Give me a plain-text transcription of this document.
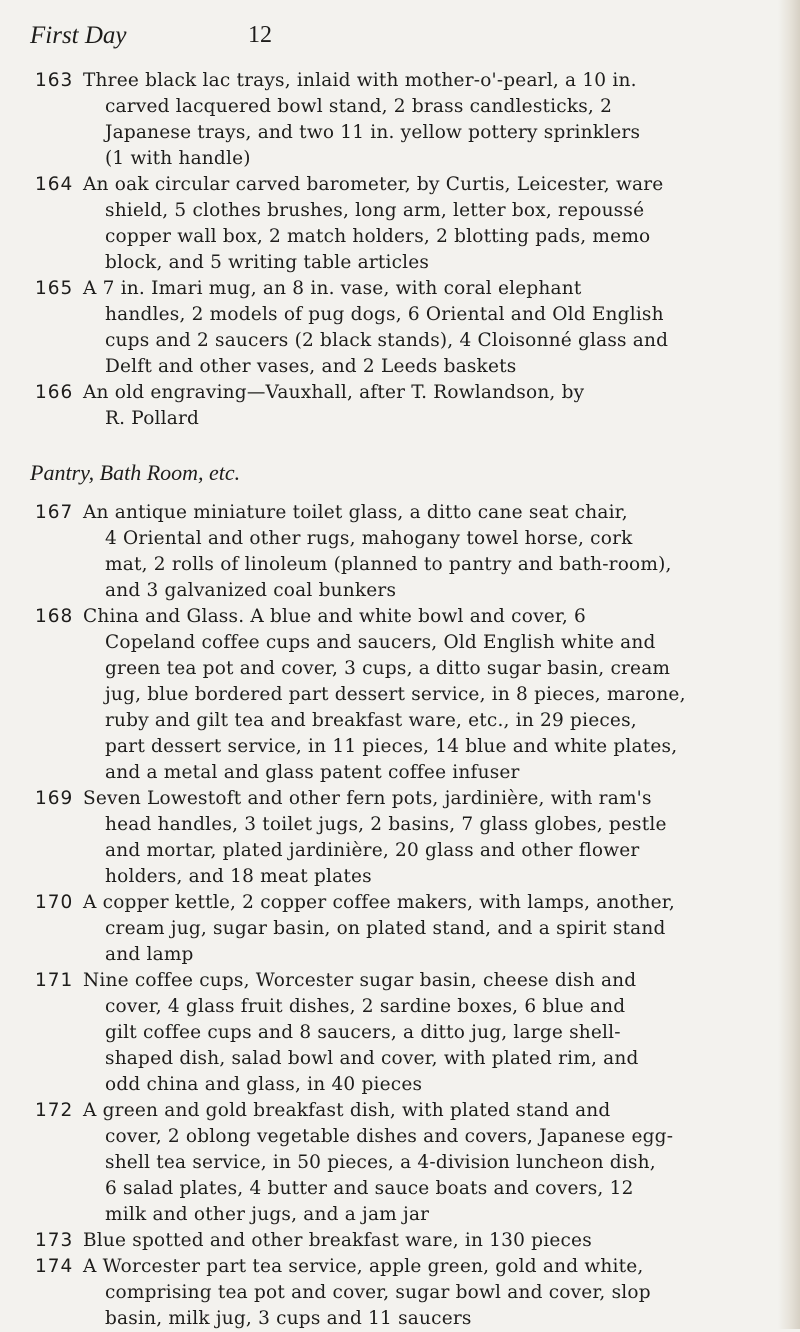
First Day	12
163 Three black lac trays, inlaid with mother-o'-pearl, a 10 in.
carved lacquered bowl stand, 2 brass candlesticks, 2
Japanese trays, and two 11 in. yellow pottery sprinklers
(1 with handle)
164 An oak circular carved barometer, by Curtis, Leicester, ware
shield, 5 clothes brushes, long arm, letter box, repoussé
copper wall box, 2 match holders, 2 blotting pads, memo
block, and 5 writing table articles
165 A 7 in. Imari mug, an 8 in. vase, with coral elephant
handles, 2 models of pug dogs, 6 Oriental and Old English
cups and 2 saucers (2 black stands), 4 Cloisonné glass and
Delft and other vases, and 2 Leeds baskets
166 An old engraving—Vauxhall, after T. Rowlandson, by
R. Pollard
Pantry, Bath Room, etc.
167 An antique miniature toilet glass, a ditto cane seat chair,
4 Oriental and other rugs, mahogany towel horse, cork
mat, 2 rolls of linoleum (planned to pantry and bath-room),
and 3 galvanized coal bunkers
168 China and Glass. A blue and white bowl and cover, 6
Copeland coffee cups and saucers, Old English white and
green tea pot and cover, 3 cups, a ditto sugar basin, cream
jug, blue bordered part dessert service, in 8 pieces, marone,
ruby and gilt tea and breakfast ware, etc., in 29 pieces,
part dessert service, in 11 pieces, 14 blue and white plates,
and a metal and glass patent coffee infuser
169 Seven Lowestoft and other fern pots, jardinière, with ram's
head handles, 3 toilet jugs, 2 basins, 7 glass globes, pestle
and mortar, plated jardinière, 20 glass and other flower
holders, and 18 meat plates
170 A copper kettle, 2 copper coffee makers, with lamps, another,
cream jug, sugar basin, on plated stand, and a spirit stand
and lamp
171 Nine coffee cups, Worcester sugar basin, cheese dish and
cover, 4 glass fruit dishes, 2 sardine boxes, 6 blue and
gilt coffee cups and 8 saucers, a ditto jug, large shell-
shaped dish, salad bowl and cover, with plated rim, and
odd china and glass, in 40 pieces
172 A green and gold breakfast dish, with plated stand and
cover, 2 oblong vegetable dishes and covers, Japanese egg-
shell tea service, in 50 pieces, a 4-division luncheon dish,
6 salad plates, 4 butter and sauce boats and covers, 12
milk and other jugs, and a jam jar
173 Blue spotted and other breakfast ware, in 130 pieces
174 A Worcester part tea service, apple green, gold and white,
comprising tea pot and cover, sugar bowl and cover, slop
basin, milk jug, 3 cups and 11 saucers
